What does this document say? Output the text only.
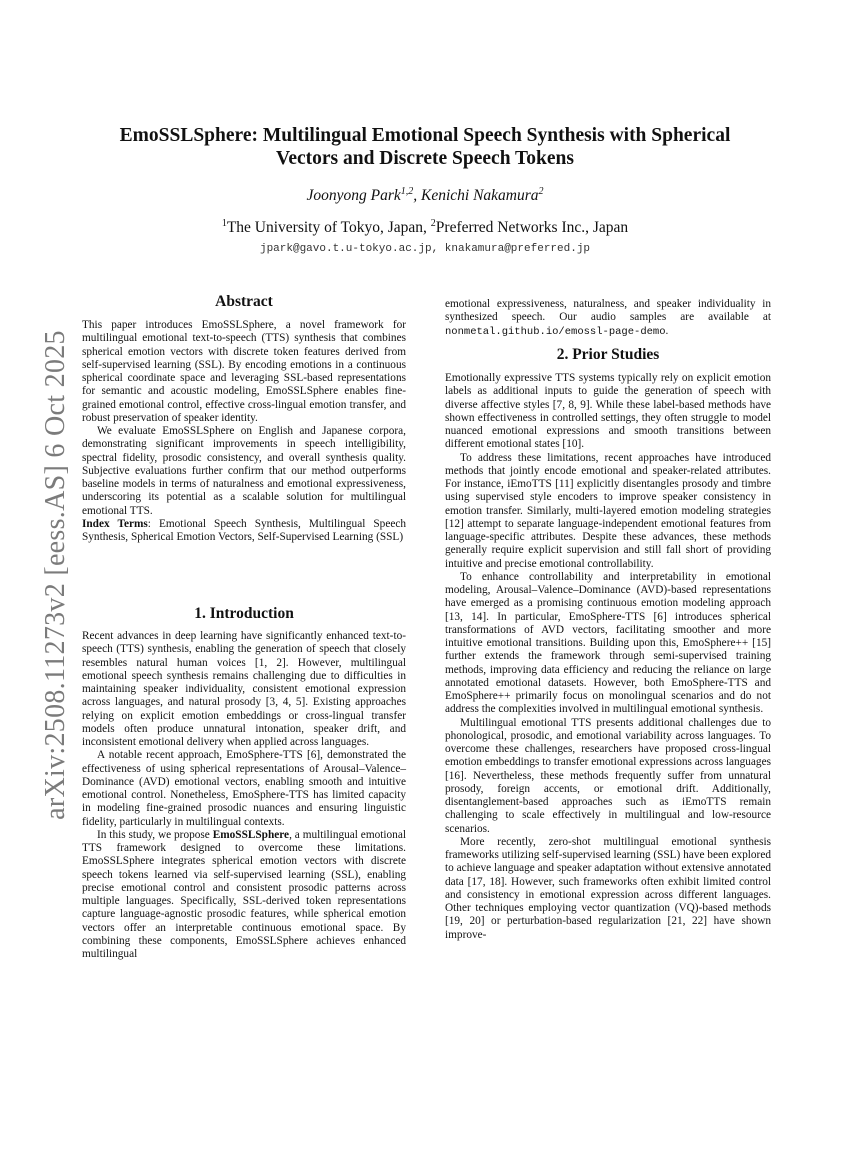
arXiv:2508.11273v2 [eess.AS] 6 Oct 2025
EmoSSLSphere: Multilingual Emotional Speech Synthesis with Spherical
Vectors and Discrete Speech Tokens
Joonyong Park$^{1,2}$, Kenichi Nakamura$^2$
$^1$The University of Tokyo, Japan, $^2$Preferred Networks Inc., Japan
jpark@gavo.t.u-tokyo.ac.jp, knakamura@preferred.jp
Abstract

This paper introduces EmoSSLSphere, a novel framework for multilingual emotional text-to-speech (TTS) synthesis that combines spherical emotion vectors with discrete token features derived from self-supervised learning (SSL). By encoding emotions in a continuous spherical coordinate space and leveraging SSL-based representations for semantic and acoustic modeling, EmoSSLSphere enables fine-grained emotional control, effective cross-lingual emotion transfer, and robust preservation of speaker identity.

We evaluate EmoSSLSphere on English and Japanese corpora, demonstrating significant improvements in speech intelligibility, spectral fidelity, prosodic consistency, and overall synthesis quality. Subjective evaluations further confirm that our method outperforms baseline models in terms of naturalness and emotional expressiveness, underscoring its potential as a scalable solution for multilingual emotional TTS.

Index Terms: Emotional Speech Synthesis, Multilingual Speech Synthesis, Spherical Emotion Vectors, Self-Supervised Learning (SSL)

1. Introduction

Recent advances in deep learning have significantly enhanced text-to-speech (TTS) synthesis, enabling the generation of speech that closely resembles natural human voices [1, 2]. However, multilingual emotional speech synthesis remains challenging due to difficulties in maintaining speaker individuality, consistent emotional expression across languages, and natural prosody [3, 4, 5]. Existing approaches relying on explicit emotion embeddings or cross-lingual transfer models often produce unnatural intonation, speaker drift, and inconsistent emotional delivery when applied across languages.

A notable recent approach, EmoSphere-TTS [6], demonstrated the effectiveness of using spherical representations of Arousal–Valence–Dominance (AVD) emotional vectors, enabling smooth and intuitive emotional control. Nonetheless, EmoSphere-TTS has limited capacity in modeling fine-grained prosodic nuances and ensuring linguistic fidelity, particularly in multilingual contexts.

In this study, we propose EmoSSLSphere, a multilingual emotional TTS framework designed to overcome these limitations. EmoSSLSphere integrates spherical emotion vectors with discrete speech tokens learned via self-supervised learning (SSL), enabling precise emotional control and consistent prosodic patterns across multiple languages. Specifically, SSL-derived token representations capture language-agnostic prosodic features, while spherical emotion vectors offer an interpretable continuous emotional space. By combining these components, EmoSSLSphere achieves enhanced multilingual

emotional expressiveness, naturalness, and speaker individuality in synthesized speech. Our audio samples are available at nonmetal.github.io/emossl-page-demo.

2. Prior Studies

Emotionally expressive TTS systems typically rely on explicit emotion labels as additional inputs to guide the generation of speech with diverse affective styles [7, 8, 9]. While these label-based methods have shown effectiveness in controlled settings, they often struggle to model nuanced emotional expressions and smooth transitions between different emotional states [10].

To address these limitations, recent approaches have introduced methods that jointly encode emotional and speaker-related attributes. For instance, iEmoTTS [11] explicitly disentangles prosody and timbre using supervised style encoders to improve speaker consistency in emotion transfer. Similarly, multi-layered emotion modeling strategies [12] attempt to separate language-independent emotional features from language-specific attributes. Despite these advances, these methods generally require explicit supervision and still fall short of providing intuitive and precise emotional controllability.

To enhance controllability and interpretability in emotional modeling, Arousal–Valence–Dominance (AVD)-based representations have emerged as a promising continuous emotion modeling approach [13, 14]. In particular, EmoSphere-TTS [6] introduces spherical transformations of AVD vectors, facilitating smoother and more intuitive emotional transitions. Building upon this, EmoSphere++ [15] further extends the framework through semi-supervised training methods, improving data efficiency and reducing the reliance on large annotated emotional datasets. However, both EmoSphere-TTS and EmoSphere++ primarily focus on monolingual scenarios and do not address the complexities involved in multilingual emotional synthesis.

Multilingual emotional TTS presents additional challenges due to phonological, prosodic, and emotional variability across languages. To overcome these challenges, researchers have proposed cross-lingual emotion embeddings to transfer emotional expressions across languages [16]. Nevertheless, these methods frequently suffer from unnatural prosody, foreign accents, or emotional drift. Additionally, disentanglement-based approaches such as iEmoTTS remain challenging to scale effectively in multilingual and low-resource scenarios.

More recently, zero-shot multilingual emotional synthesis frameworks utilizing self-supervised learning (SSL) have been explored to achieve language and speaker adaptation without extensive annotated data [17, 18]. However, such frameworks often exhibit limited control and consistency in emotional expression across different languages. Other techniques employing vector quantization (VQ)-based methods [19, 20] or perturbation-based regularization [21, 22] have shown improve-
